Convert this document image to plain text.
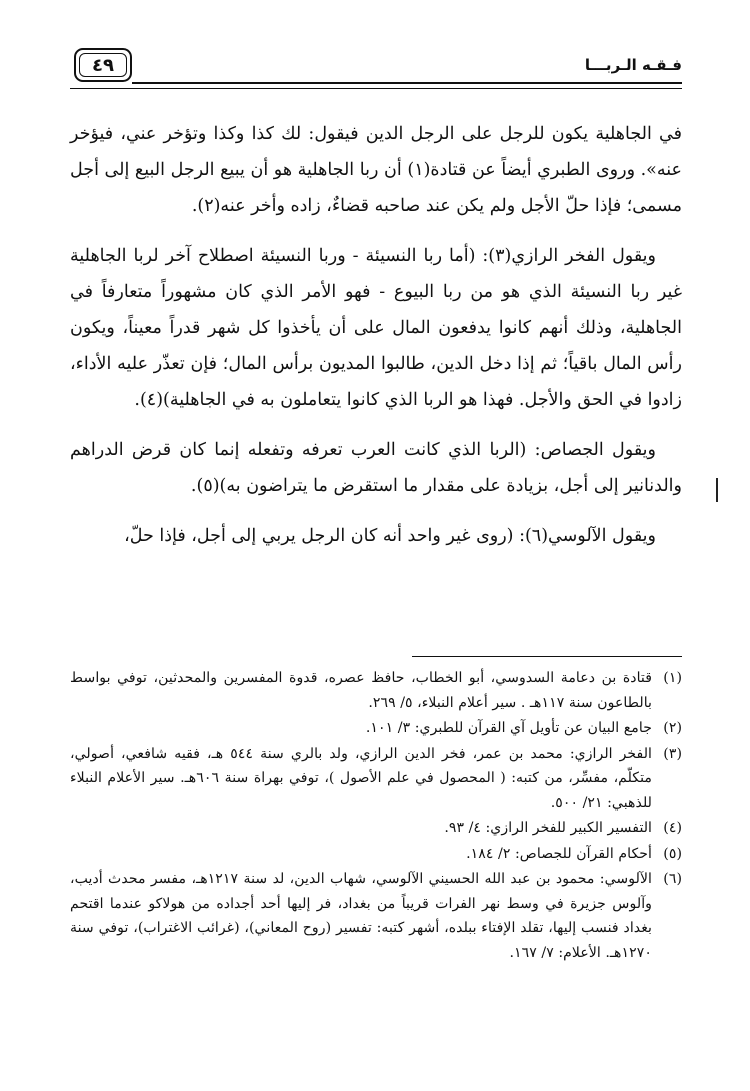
فـقـه الـربـــا
٤٩

في الجاهلية يكون للرجل على الرجل الدين فيقول: لك كذا وكذا وتؤخر عني، فيؤخر عنه». وروى الطبري أيضاً عن قتادة(١) أن ربا الجاهلية هو أن يبيع الرجل البيع إلى أجل مسمى؛ فإذا حلّ الأجل ولم يكن عند صاحبه قضاءٌ، زاده وأخر عنه(٢).

ويقول الفخر الرازي(٣): (أما ربا النسيئة - وربا النسيئة اصطلاح آخر لربا الجاهلية غير ربا النسيئة الذي هو من ربا البيوع - فهو الأمر الذي كان مشهوراً متعارفاً في الجاهلية، وذلك أنهم كانوا يدفعون المال على أن يأخذوا كل شهر قدراً معيناً، ويكون رأس المال باقياً؛ ثم إذا دخل الدين، طالبوا المديون برأس المال؛ فإن تعذّر عليه الأداء، زادوا في الحق والأجل. فهذا هو الربا الذي كانوا يتعاملون به في الجاهلية)(٤).

ويقول الجصاص: (الربا الذي كانت العرب تعرفه وتفعله إنما كان قرض الدراهم والدنانير إلى أجل، بزيادة على مقدار ما استقرض ما يتراضون به)(٥).

ويقول الآلوسي(٦): (روى غير واحد أنه كان الرجل يربي إلى أجل، فإذا حلّ،

(١)
قتادة بن دعامة السدوسي، أبو الخطاب، حافظ عصره، قدوة المفسرين والمحدثين، توفي بواسط بالطاعون سنة ١١٧هـ . سير أعلام النبلاء، ٥/ ٢٦٩.
(٢)
جامع البيان عن تأويل آي القرآن للطبري: ٣/ ١٠١.
(٣)
الفخر الرازي: محمد بن عمر، فخر الدين الرازي، ولد بالري سنة ٥٤٤ هـ، فقيه شافعي، أصولي، متكلّم، مفسِّر، من كتبه: ( المحصول في علم الأصول )، توفي بهراة سنة ٦٠٦هـ. سير الأعلام النبلاء للذهبي: ٢١/ ٥٠٠.
(٤)
التفسير الكبير للفخر الرازي: ٤/ ٩٣.
(٥)
أحكام القرآن للجصاص: ٢/ ١٨٤.
(٦)
الآلوسي: محمود بن عبد الله الحسيني الآلوسي، شهاب الدين، لد سنة ١٢١٧هـ، مفسر محدث أديب، وآلوس جزيرة في وسط نهر الفرات قريباً من بغداد، فر إليها أحد أجداده من هولاكو عندما اقتحم بغداد فنسب إليها، تقلد الإفتاء ببلده، أشهر كتبه: تفسير (روح المعاني)، (غرائب الاغتراب)، توفي سنة ١٢٧٠هـ. الأعلام: ٧/ ١٦٧.
